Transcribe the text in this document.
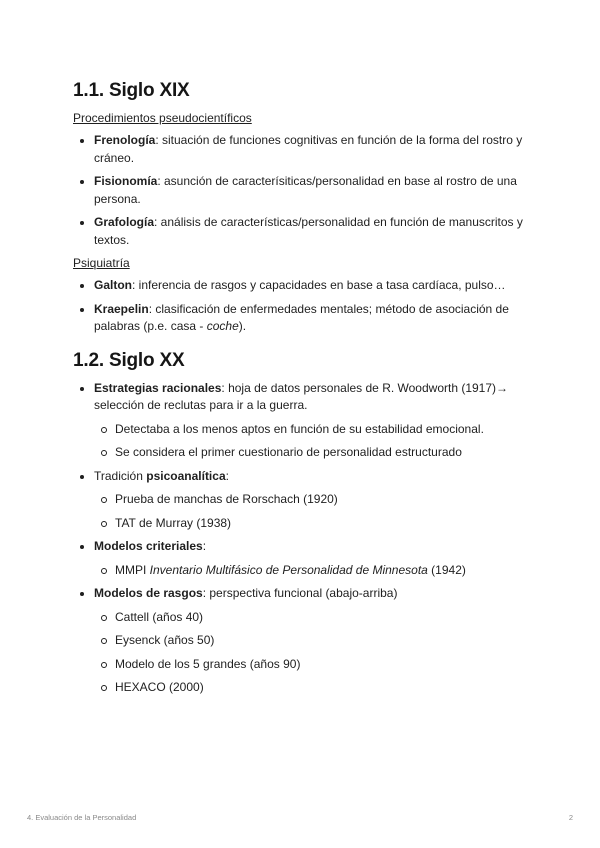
1.1. Siglo XIX
Procedimientos pseudocientíficos
Frenología: situación de funciones cognitivas en función de la forma del rostro y cráneo.
Fisionomía: asunción de caracterísiticas/personalidad en base al rostro de una persona.
Grafología: análisis de características/personalidad en función de manuscritos y textos.
Psiquiatría
Galton: inferencia de rasgos y capacidades en base a tasa cardíaca, pulso…
Kraepelin: clasificación de enfermedades mentales; método de asociación de palabras (p.e. casa - coche).
1.2. Siglo XX
Estrategias racionales: hoja de datos personales de R. Woodworth (1917)→ selección de reclutas para ir a la guerra.
Detectaba a los menos aptos en función de su estabilidad emocional.
Se considera el primer cuestionario de personalidad estructurado
Tradición psicoanalítica:
Prueba de manchas de Rorschach (1920)
TAT de Murray (1938)
Modelos criteriales:
MMPI Inventario Multifásico de Personalidad de Minnesota (1942)
Modelos de rasgos: perspectiva funcional (abajo-arriba)
Cattell (años 40)
Eysenck (años 50)
Modelo de los 5 grandes (años 90)
HEXACO (2000)
4. Evaluación de la Personalidad	2
